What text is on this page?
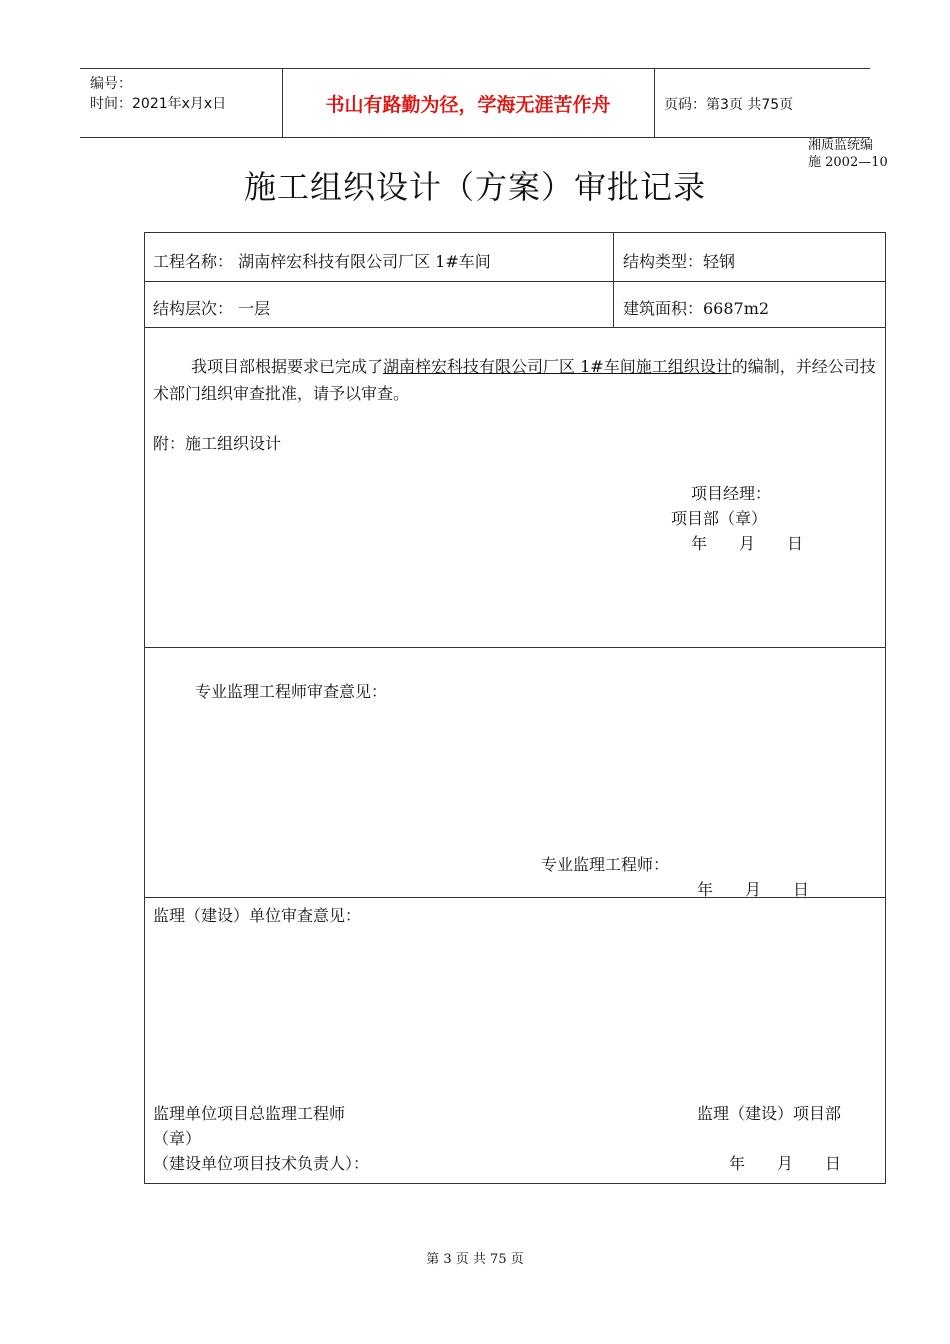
编号：
时间：2021年x月x日	书山有路勤为径，学海无涯苦作舟	页码：第3页 共75页
湘质监统编
施 2002—10
施工组织设计（方案）审批记录
工程名称： 湖南梓宏科技有限公司厂区 1#车间	结构类型：轻钢
结构层次： 一层	建筑面积：6687m2
我项目部根据要求已完成了湖南梓宏科技有限公司厂区 1#车间施工组织设计的编制，并经公司技术部门组织审查批准，请予以审查。
附：施工组织设计
项目经理：
项目部（章）
年　　月　　日
专业监理工程师审查意见：
专业监理工程师：
年　　月　　日
监理（建设）单位审查意见：
监理单位项目总监理工程师
（章）
（建设单位项目技术负责人）：
监理（建设）项目部
年　　月　　日
第 3 页 共 75 页
